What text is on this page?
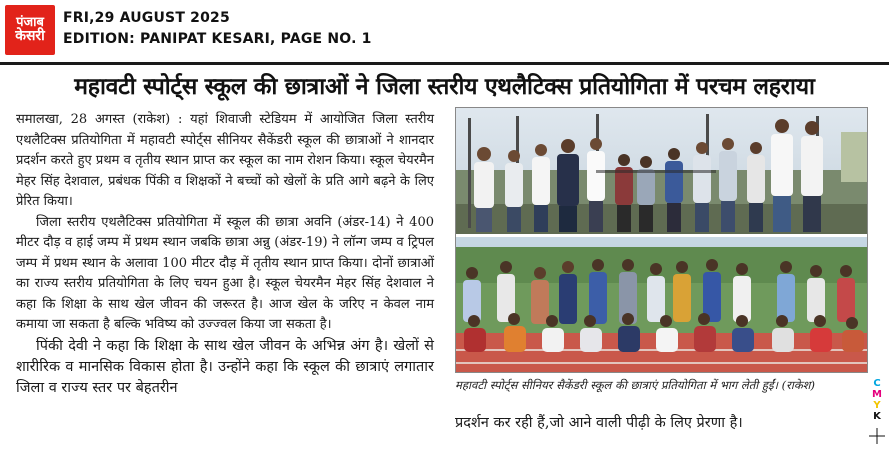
पंजाब
केसरी
FRI,29 AUGUST 2025
EDITION: PANIPAT KESARI, PAGE NO. 1
महावटी स्पोर्ट्स स्कूल की छात्राओं ने जिला स्तरीय एथलैटिक्स प्रतियोगिता में परचम लहराया

समालखा, 28 अगस्त (राकेश) : यहां शिवाजी स्टेडियम में आयोजित जिला स्तरीय एथलैटिक्स प्रतियोगिता में महावटी स्पोर्ट्स सीनियर सैकेंडरी स्कूल की छात्राओं ने शानदार प्रदर्शन करते हुए प्रथम व तृतीय स्थान प्राप्त कर स्कूल का नाम रोशन किया। स्कूल चेयरमैन मेहर सिंह देशवाल, प्रबंधक पिंकी व शिक्षकों ने बच्चों को खेलों के प्रति आगे बढ़ने के लिए प्रेरित किया।

जिला स्तरीय एथलैटिक्स प्रतियोगिता में स्कूल की छात्रा अवनि (अंडर-14) ने 400 मीटर दौड़ व हाई जम्प में प्रथम स्थान जबकि छात्रा अन्नु (अंडर-19) ने लॉन्ग जम्प व ट्रिपल जम्प में प्रथम स्थान के अलावा 100 मीटर दौड़ में तृतीय स्थान प्राप्त किया। दोनों छात्राओं का राज्य स्तरीय प्रतियोगिता के लिए चयन हुआ है। स्कूल चेयरमैन मेहर सिंह देशवाल ने कहा कि शिक्षा के साथ खेल जीवन की जरूरत है। आज खेल के जरिए न केवल नाम कमाया जा सकता है बल्कि भविष्य को उज्ज्वल किया जा सकता है।

पिंकी देवी ने कहा कि शिक्षा के साथ खेल जीवन के अभिन्न अंग है। खेलों से शारीरिक व मानसिक विकास होता है। उन्होंने कहा कि स्कूल की छात्राएं लगातार जिला व राज्य स्तर पर बेहतरीन	महावटी स्पोर्ट्स सीनियर सैकेंडरी स्कूल की छात्राएं प्रतियोगिता में भाग लेती हुईं। (राकेश)
प्रदर्शन कर रही हैं,जो आने वाली पीढ़ी के लिए प्रेरणा है।
C
M
Y
K
